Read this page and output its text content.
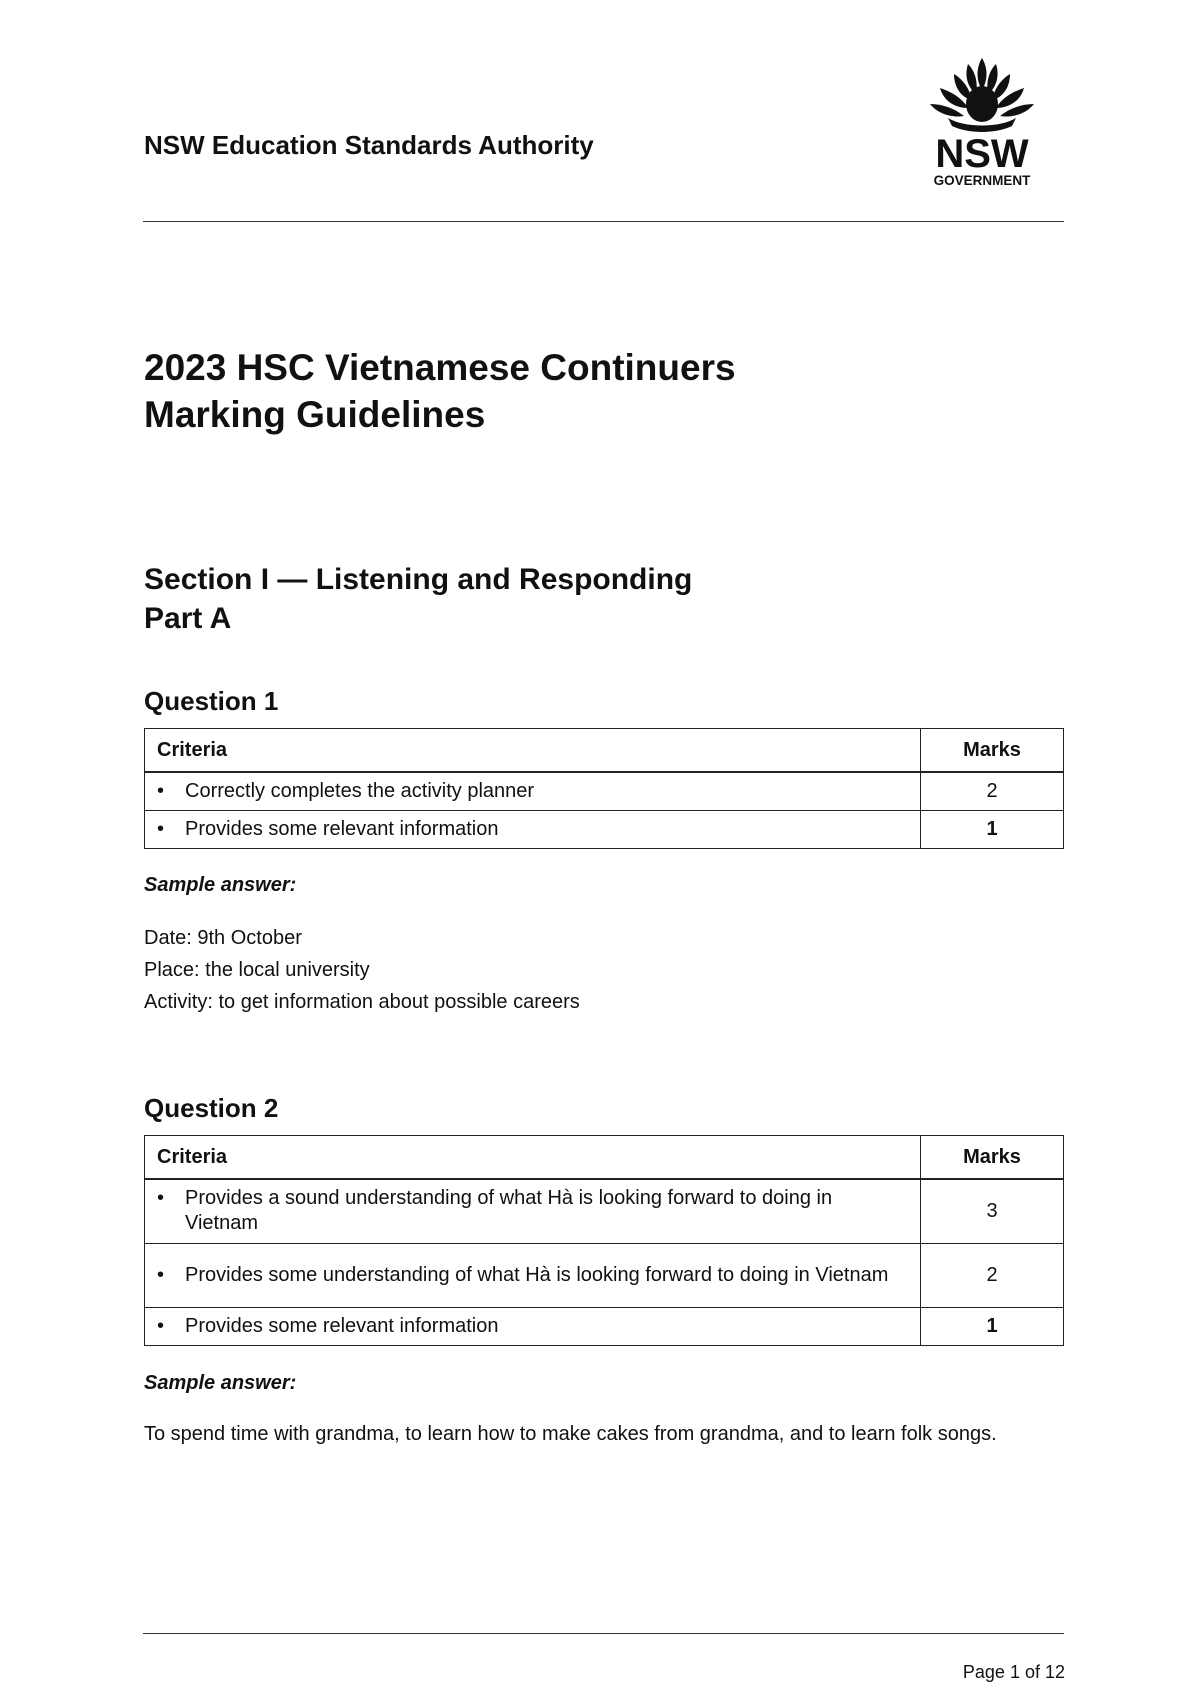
NSW Education Standards Authority	NSW
GOVERNMENT
2023 HSC Vietnamese Continuers
Marking Guidelines
Section I — Listening and Responding
Part A
Question 1
Criteria	Marks

• Correctly completes the activity planner	2

• Provides some relevant information	1
Sample answer:
Date: 9th October
Place: the local university
Activity: to get information about possible careers
Question 2
Criteria	Marks

• Provides a sound understanding of what Hà is looking forward to doing in Vietnam	3

• Provides some understanding of what Hà is looking forward to doing in Vietnam	2

• Provides some relevant information	1
Sample answer:
To spend time with grandma, to learn how to make cakes from grandma, and to learn folk songs.
Page 1 of 12
